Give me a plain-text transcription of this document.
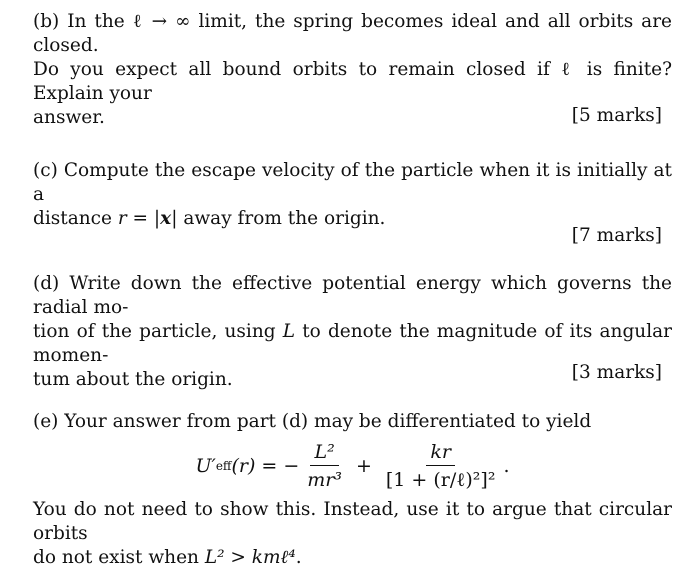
(b) In the ℓ → ∞ limit, the spring becomes ideal and all orbits are closed.

Do you expect all bound orbits to remain closed if ℓ is finite? Explain your

answer.	[5 marks]

(c) Compute the escape velocity of the particle when it is initially at a

distance r = |x| away from the origin.

[7 marks]

(d) Write down the effective potential energy which governs the radial mo-

tion of the particle, using L to denote the magnitude of its angular momen-

tum about the origin.	[3 marks]

(e) Your answer from part (d) may be differentiated to yield

U′ eff (r) = − $\frac{\text{L²}}{\text{mr³}} + \frac{kr}{\text{[1 + (r/ℓ)²]²}}$ .

You do not need to show this. Instead, use it to argue that circular orbits

do not exist when L² > kmℓ⁴.
